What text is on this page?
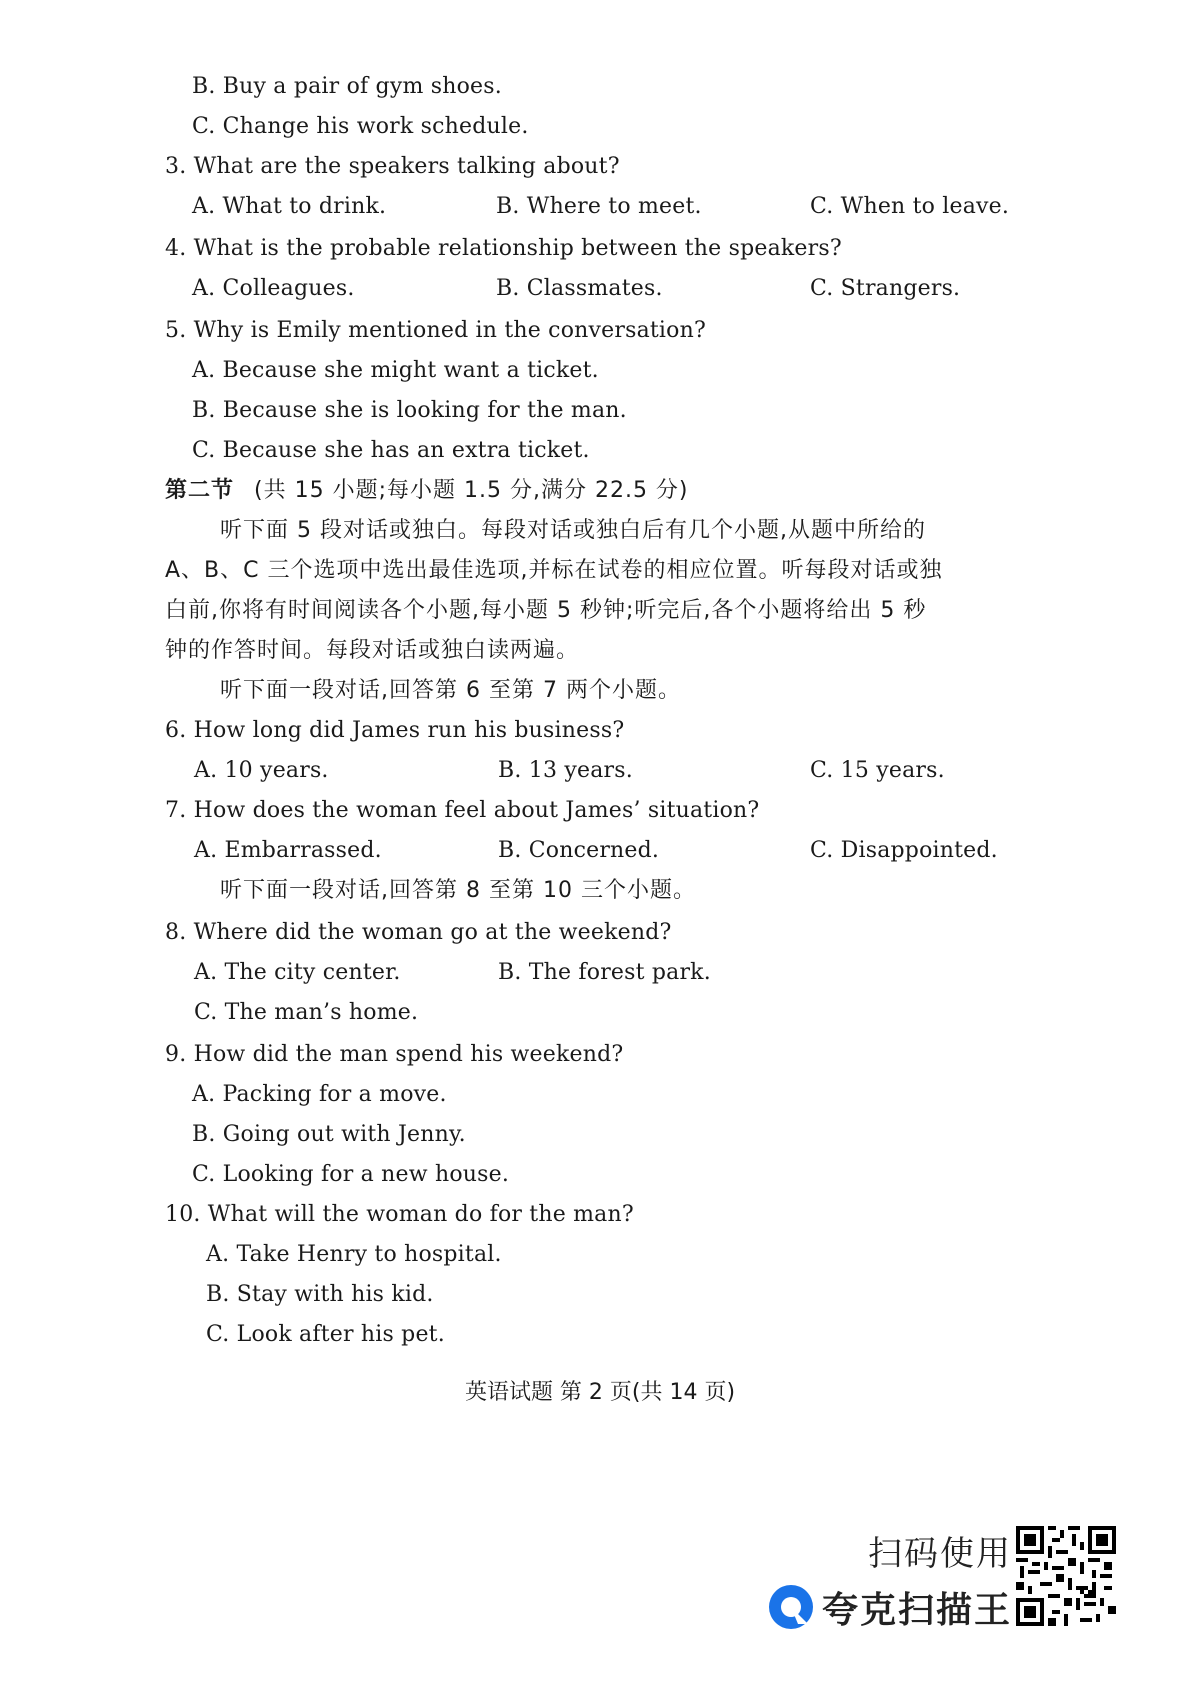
B. Buy a pair of gym shoes.
C. Change his work schedule.
3. What are the speakers talking about?
A. What to drink.	B. Where to meet.	C. When to leave.
4. What is the probable relationship between the speakers?
A. Colleagues.	B. Classmates.	C. Strangers.
5. Why is Emily mentioned in the conversation?
A. Because she might want a ticket.
B. Because she is looking for the man.
C. Because she has an extra ticket.
第二节 (共 15 小题;每小题 1.5 分,满分 22.5 分)
听下面 5 段对话或独白。每段对话或独白后有几个小题,从题中所给的
A、B、C 三个选项中选出最佳选项,并标在试卷的相应位置。听每段对话或独
白前,你将有时间阅读各个小题,每小题 5 秒钟;听完后,各个小题将给出 5 秒
钟的作答时间。每段对话或独白读两遍。
听下面一段对话,回答第 6 至第 7 两个小题。
6. How long did James run his business?
A. 10 years.	B. 13 years.	C. 15 years.
7. How does the woman feel about James’ situation?
A. Embarrassed.	B. Concerned.	C. Disappointed.
听下面一段对话,回答第 8 至第 10 三个小题。
8. Where did the woman go at the weekend?
A. The city center.	B. The forest park.
C. The man’s home.
9. How did the man spend his weekend?
A. Packing for a move.
B. Going out with Jenny.
C. Looking for a new house.
10. What will the woman do for the man?
A. Take Henry to hospital.
B. Stay with his kid.
C. Look after his pet.
英语试题 第 2 页(共 14 页)
扫码使用
夸克扫描王
